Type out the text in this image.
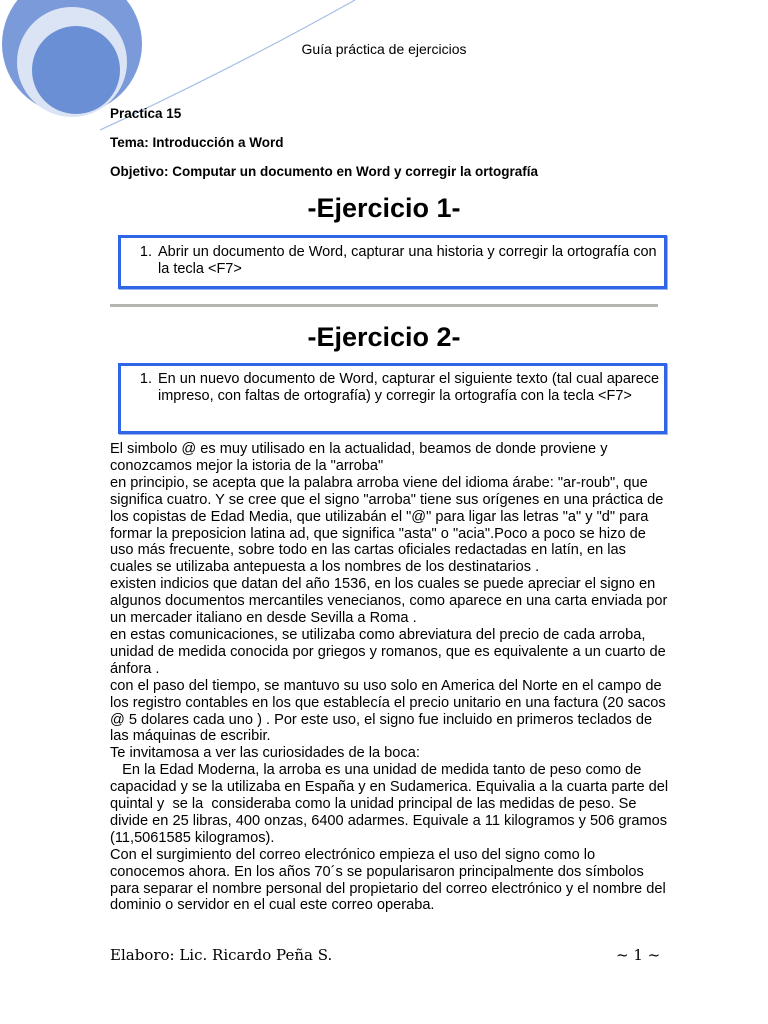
Guía práctica de ejercicios
Practica 15
Tema: Introducción a Word
Objetivo: Computar un documento en Word y corregir la ortografía
-Ejercicio 1-
1. Abrir un documento de Word, capturar una historia y corregir la ortografía con la tecla <F7>
-Ejercicio 2-
1. En un nuevo documento de Word, capturar el siguiente texto (tal cual aparece impreso, con faltas de ortografía) y corregir la ortografía con la tecla <F7>

El simbolo @ es muy utilisado en la actualidad, beamos de donde proviene y conozcamos mejor la istoria de la "arroba"

en principio, se acepta que la palabra arroba viene del idioma árabe: "ar-roub", que significa cuatro. Y se cree que el signo "arroba" tiene sus orígenes en una práctica de los copistas de Edad Media, que utilizabán el "@" para ligar las letras "a" y "d" para formar la preposicion latina ad, que significa "asta" o "acia".Poco a poco se hizo de uso más frecuente, sobre todo en las cartas oficiales redactadas en latín, en las cuales se utilizaba antepuesta a los nombres de los destinatarios .

existen indicios que datan del año 1536, en los cuales se puede apreciar el signo en algunos documentos mercantiles venecianos, como aparece en una carta enviada por un mercader italiano en desde Sevilla a Roma .

en estas comunicaciones, se utilizaba como abreviatura del precio de cada arroba, unidad de medida conocida por griegos y romanos, que es equivalente a un cuarto de ánfora .

con el paso del tiempo, se mantuvo su uso solo en America del Norte en el campo de los registro contables en los que establecía el precio unitario en una factura (20 sacos @ 5 dolares cada uno ) . Por este uso, el signo fue incluido en primeros teclados de las máquinas de escribir.

Te invitamosa a ver las curiosidades de la boca:

En la Edad Moderna, la arroba es una unidad de medida tanto de peso como de capacidad y se la utilizaba en España y en Sudamerica. Equivalia a la cuarta parte del quintal y  se la  consideraba como la unidad principal de las medidas de peso. Se divide en 25 libras, 400 onzas, 6400 adarmes. Equivale a 11 kilogramos y 506 gramos (11,5061585 kilogramos).

Con el surgimiento del correo electrónico empieza el uso del signo como lo conocemos ahora. En los años 70´s se popularisaron principalmente dos símbolos para separar el nombre personal del propietario del correo electrónico y el nombre del dominio o servidor en el cual este correo operaba.

Elaboro: Lic. Ricardo Peña S.	~ 1 ~
